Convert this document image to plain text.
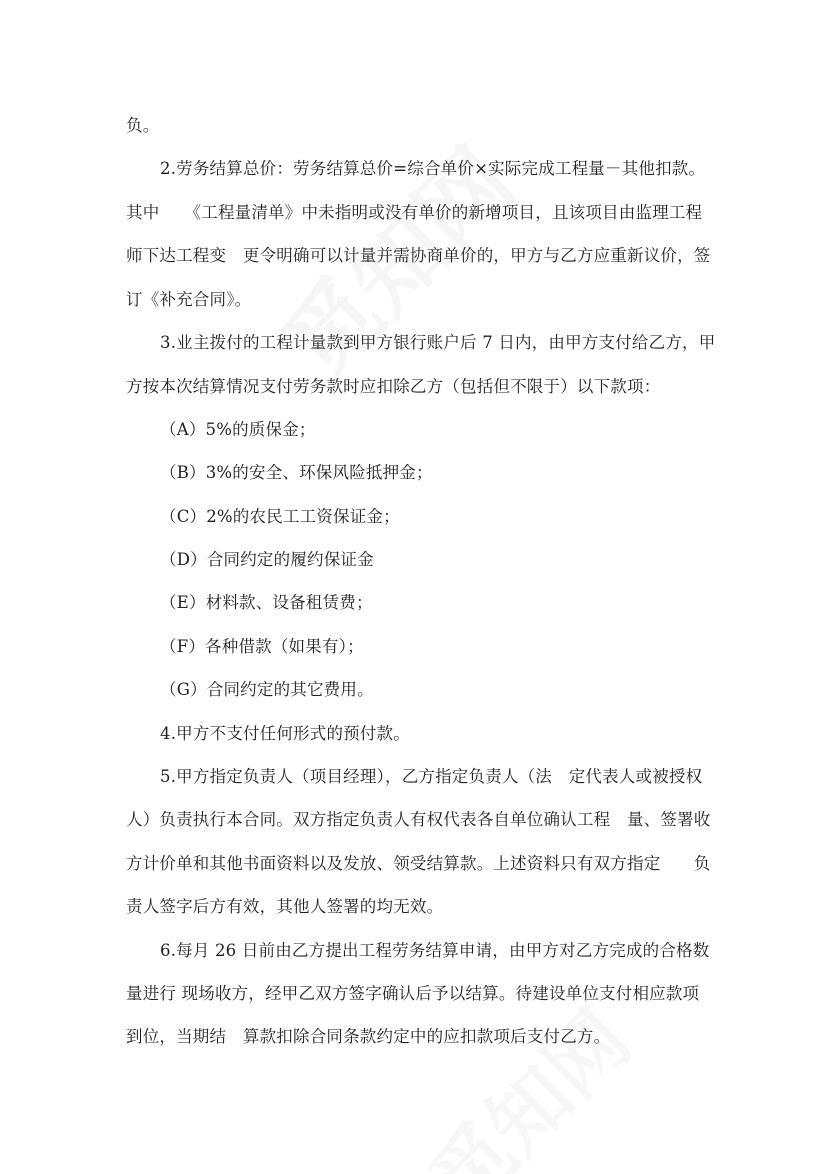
负。
2.劳务结算总价：劳务结算总价=综合单价×实际完成工程量－其他扣款。
其中　　《工程量清单》中未指明或没有单价的新增项目，且该项目由监理工程
师下达工程变　更令明确可以计量并需协商单价的，甲方与乙方应重新议价，签
订《补充合同》。
3.业主拨付的工程计量款到甲方银行账户后 7 日内，由甲方支付给乙方，甲
方按本次结算情况支付劳务款时应扣除乙方（包括但不限于）以下款项：
（A）5%的质保金；
（B）3%的安全、环保风险抵押金；
（C）2%的农民工工资保证金；
（D）合同约定的履约保证金
（E）材料款、设备租赁费；
（F）各种借款（如果有）；
（G）合同约定的其它费用。
4.甲方不支付任何形式的预付款。
5.甲方指定负责人（项目经理），乙方指定负责人（法　定代表人或被授权
人）负责执行本合同。双方指定负责人有权代表各自单位确认工程　量、签署收
方计价单和其他书面资料以及发放、领受结算款。上述资料只有双方指定　　负
责人签字后方有效，其他人签署的均无效。
6.每月 26 日前由乙方提出工程劳务结算申请，由甲方对乙方完成的合格数
量进行 现场收方，经甲乙双方签字确认后予以结算。待建设单位支付相应款项
到位，当期结　算款扣除合同条款约定中的应扣款项后支付乙方。
